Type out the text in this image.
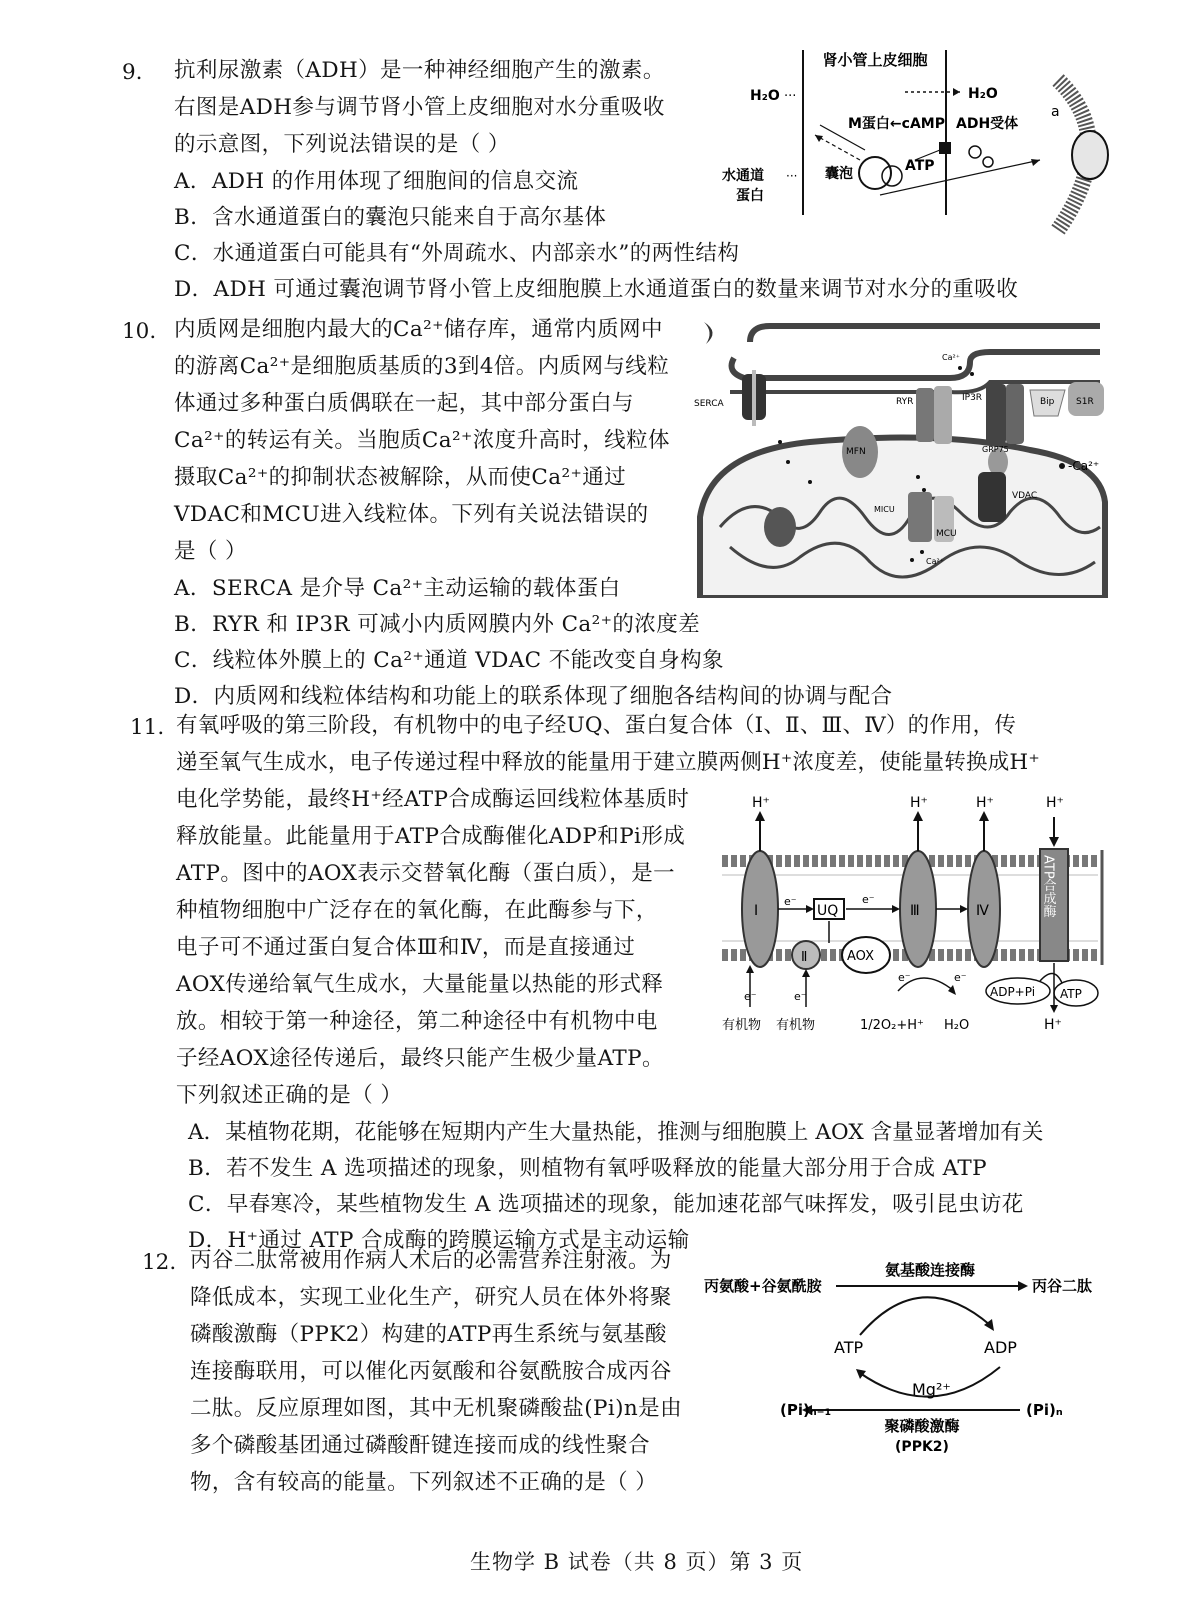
9. 抗利尿激素（ADH）是一种神经细胞产生的激素。
右图是ADH参与调节肾小管上皮细胞对水分重吸收
的示意图，下列说法错误的是（ ）
A．ADH 的作用体现了细胞间的信息交流
B．含水通道蛋白的囊泡只能来自于高尔基体
C．水通道蛋白可能具有“外周疏水、内部亲水”的两性结构
D．ADH 可通过囊泡调节肾小管上皮细胞膜上水通道蛋白的数量来调节对水分的重吸收
肾小管上皮细胞
H₂O ···	H₂O
ADH受体
M蛋白←cAMP
囊泡	ATP
水通道
蛋白
···
a
10. 内质网是细胞内最大的Ca²⁺储存库，通常内质网中
的游离Ca²⁺是细胞质基质的3到4倍。内质网与线粒
体通过多种蛋白质偶联在一起，其中部分蛋白与
Ca²⁺的转运有关。当胞质Ca²⁺浓度升高时，线粒体
摄取Ca²⁺的抑制状态被解除，从而使Ca²⁺通过
VDAC和MCU进入线粒体。下列有关说法错误的
是（ ）
A．SERCA 是介导 Ca²⁺主动运输的载体蛋白
B．RYR 和 IP3R 可减小内质网膜内外 Ca²⁺的浓度差
C．线粒体外膜上的 Ca²⁺通道 VDAC 不能改变自身构象
D．内质网和线粒体结构和功能上的联系体现了细胞各结构间的协调与配合
SERCA	RYR	IP3R	Bip S1R
MFN	GRP75
VDAC
MCU
MICU
Ca²⁺
-Ca²⁺
Ca²⁺
11. 有氧呼吸的第三阶段，有机物中的电子经UQ、蛋白复合体（Ⅰ、Ⅱ、Ⅲ、Ⅳ）的作用，传
递至氧气生成水，电子传递过程中释放的能量用于建立膜两侧H⁺浓度差，使能量转换成H⁺
电化学势能，最终H⁺经ATP合成酶运回线粒体基质时
释放能量。此能量用于ATP合成酶催化ADP和Pi形成
ATP。图中的AOX表示交替氧化酶（蛋白质），是一
种植物细胞中广泛存在的氧化酶，在此酶参与下，
电子可不通过蛋白复合体Ⅲ和Ⅳ，而是直接通过
AOX传递给氧气生成水，大量能量以热能的形式释
放。相较于第一种途径，第二种途径中有机物中电
子经AOX途径传递后，最终只能产生极少量ATP。
下列叙述正确的是（ ）
A．某植物花期，花能够在短期内产生大量热能，推测与细胞膜上 AOX 含量显著增加有关
B．若不发生 A 选项描述的现象，则植物有氧呼吸释放的能量大部分用于合成 ATP
C．早春寒冷，某些植物发生 A 选项描述的现象，能加速花部气味挥发，吸引昆虫访花
D．H⁺通过 ATP 合成酶的跨膜运输方式是主动运输
Ⅰ	UQ
Ⅱ	AOX
Ⅲ	Ⅳ	ATP合成酶
H⁺	H⁺	H⁺	H⁺
e⁻	e⁻
e⁻
有机物
e⁻
有机物
e⁻	e⁻
1/2O₂+H⁺ H₂O
ADP+Pi ATP
H⁺
12. 丙谷二肽常被用作病人术后的必需营养注射液。为
降低成本，实现工业化生产，研究人员在体外将聚
磷酸激酶（PPK2）构建的ATP再生系统与氨基酸
连接酶联用，可以催化丙氨酸和谷氨酰胺合成丙谷
二肽。反应原理如图，其中无机聚磷酸盐(Pi)n是由
多个磷酸基团通过磷酸酐键连接而成的线性聚合
物，含有较高的能量。下列叙述不正确的是（ ）
氨基酸连接酶
丙氨酸+谷氨酰胺	丙谷二肽
ATP	ADP
Mg²⁺
(Pi)ₙ₋₁	(Pi)ₙ
聚磷酸激酶
(PPK2)
生物学 B 试卷（共 8 页）第 3 页
